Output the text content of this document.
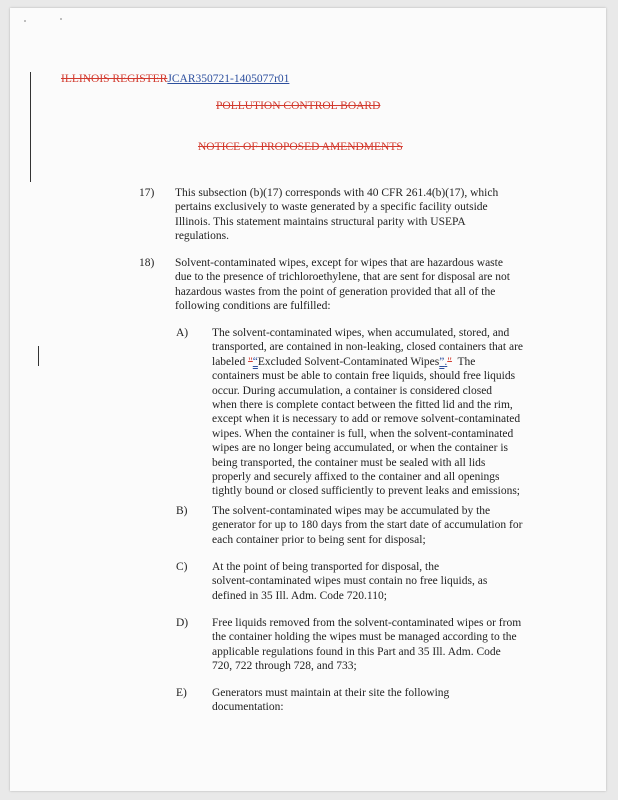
ILLINOIS REGISTERJCAR350721-1405077r01
POLLUTION CONTROL BOARD
NOTICE OF PROPOSED AMENDMENTS
17) This subsection (b)(17) corresponds with 40 CFR 261.4(b)(17), which
pertains exclusively to waste generated by a specific facility outside
Illinois. This statement maintains structural parity with USEPA
regulations.
18) Solvent-contaminated wipes, except for wipes that are hazardous waste
due to the presence of trichloroethylene, that are sent for disposal are not
hazardous wastes from the point of generation provided that all of the
following conditions are fulfilled:
A) The solvent-contaminated wipes, when accumulated, stored, and
transported, are contained in non-leaking, closed containers that are
labeled "“Excluded Solvent-Contaminated Wipes”."  The
containers must be able to contain free liquids, should free liquids
occur. During accumulation, a container is considered closed
when there is complete contact between the fitted lid and the rim,
except when it is necessary to add or remove solvent-contaminated
wipes. When the container is full, when the solvent-contaminated
wipes are no longer being accumulated, or when the container is
being transported, the container must be sealed with all lids
properly and securely affixed to the container and all openings
tightly bound or closed sufficiently to prevent leaks and emissions;
B) The solvent-contaminated wipes may be accumulated by the
generator for up to 180 days from the start date of accumulation for
each container prior to being sent for disposal;
C) At the point of being transported for disposal, the
solvent-contaminated wipes must contain no free liquids, as
defined in 35 Ill. Adm. Code 720.110;
D) Free liquids removed from the solvent-contaminated wipes or from
the container holding the wipes must be managed according to the
applicable regulations found in this Part and 35 Ill. Adm. Code
720, 722 through 728, and 733;
E) Generators must maintain at their site the following
documentation:
